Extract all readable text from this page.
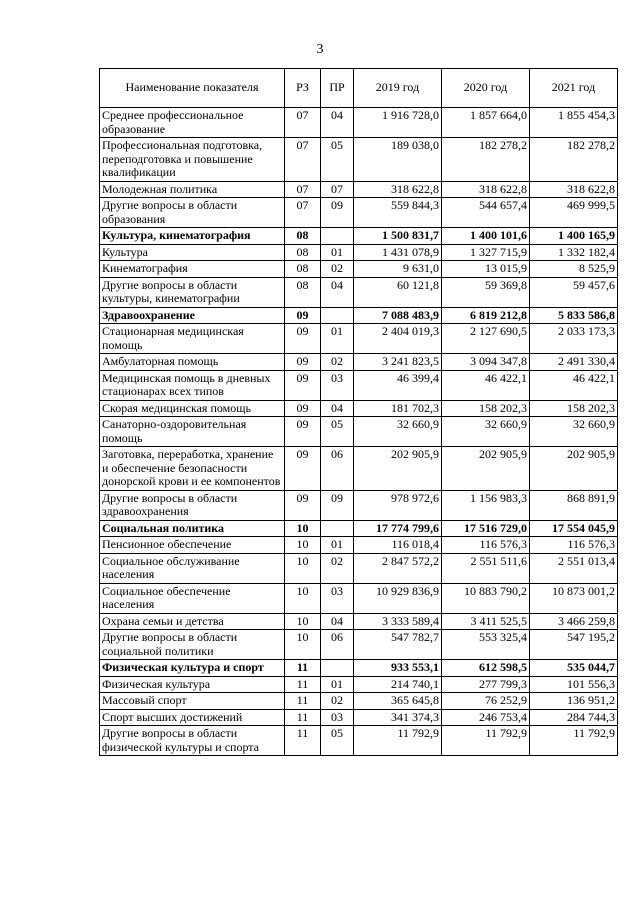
3
Наименование показателя	РЗ	ПР	2019 год	2020 год	2021 год
Среднее профессиональное образование	07	04	1 916 728,0	1 857 664,0	1 855 454,3
Профессиональная подготовка, переподготовка и повышение квалификации	07	05	189 038,0	182 278,2	182 278,2
Молодежная политика	07	07	318 622,8	318 622,8	318 622,8
Другие вопросы в области образования	07	09	559 844,3	544 657,4	469 999,5
Культура, кинематография	08		1 500 831,7	1 400 101,6	1 400 165,9
Культура	08	01	1 431 078,9	1 327 715,9	1 332 182,4
Кинематография	08	02	9 631,0	13 015,9	8 525,9
Другие вопросы в области культуры, кинематографии	08	04	60 121,8	59 369,8	59 457,6
Здравоохранение	09		7 088 483,9	6 819 212,8	5 833 586,8
Стационарная медицинская помощь	09	01	2 404 019,3	2 127 690,5	2 033 173,3
Амбулаторная помощь	09	02	3 241 823,5	3 094 347,8	2 491 330,4
Медицинская помощь в дневных стационарах всех типов	09	03	46 399,4	46 422,1	46 422,1
Скорая медицинская помощь	09	04	181 702,3	158 202,3	158 202,3
Санаторно-оздоровительная помощь	09	05	32 660,9	32 660,9	32 660,9
Заготовка, переработка, хранение и обеспечение безопасности донорской крови и ее компонентов	09	06	202 905,9	202 905,9	202 905,9
Другие вопросы в области здравоохранения	09	09	978 972,6	1 156 983,3	868 891,9
Социальная политика	10		17 774 799,6	17 516 729,0	17 554 045,9
Пенсионное обеспечение	10	01	116 018,4	116 576,3	116 576,3
Социальное обслуживание населения	10	02	2 847 572,2	2 551 511,6	2 551 013,4
Социальное обеспечение населения	10	03	10 929 836,9	10 883 790,2	10 873 001,2
Охрана семьи и детства	10	04	3 333 589,4	3 411 525,5	3 466 259,8
Другие вопросы в области социальной политики	10	06	547 782,7	553 325,4	547 195,2
Физическая культура и спорт	11		933 553,1	612 598,5	535 044,7
Физическая культура	11	01	214 740,1	277 799,3	101 556,3
Массовый спорт	11	02	365 645,8	76 252,9	136 951,2
Спорт высших достижений	11	03	341 374,3	246 753,4	284 744,3
Другие вопросы в области физической культуры и спорта	11	05	11 792,9	11 792,9	11 792,9
